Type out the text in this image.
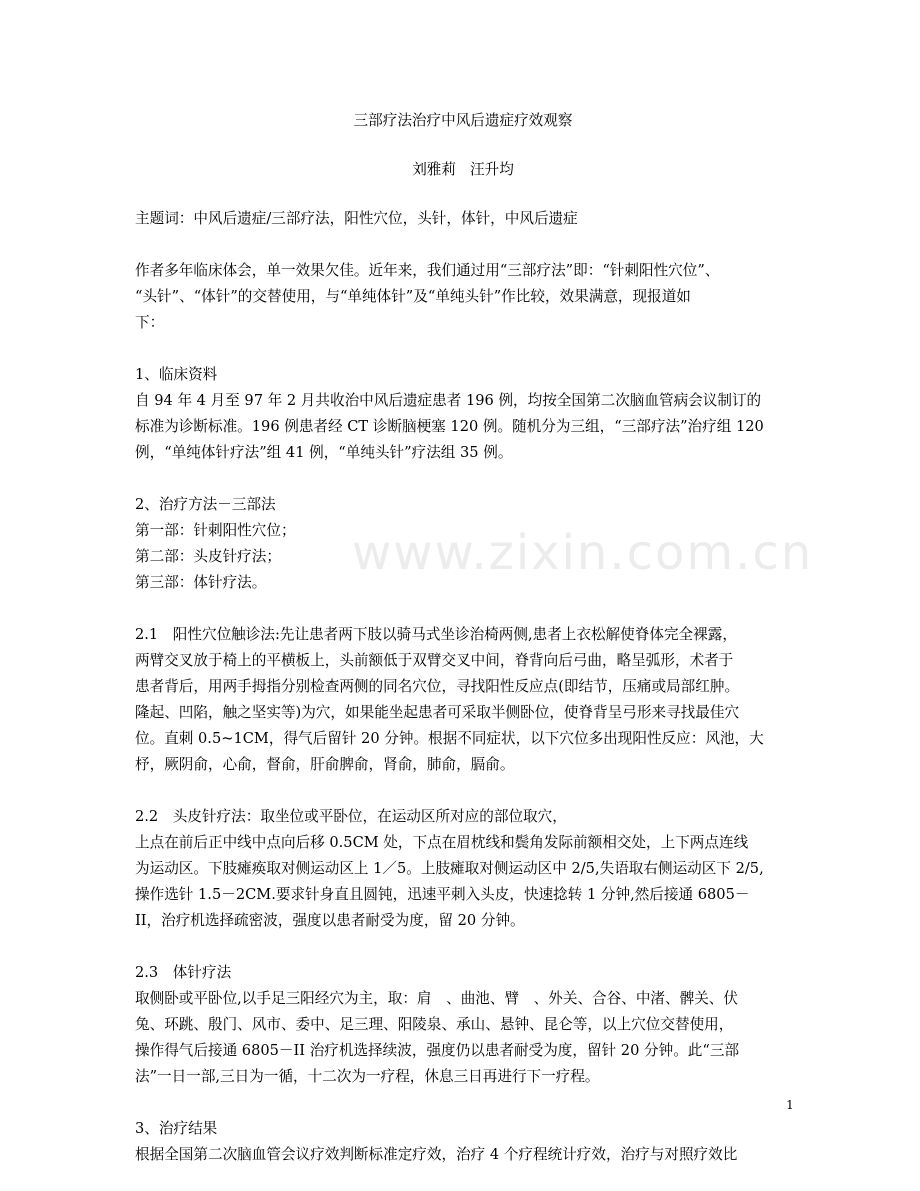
www.zixin.com.cn
三部疗法治疗中风后遗症疗效观察
刘雅莉 汪升均
主题词：中风后遗症/三部疗法，阳性穴位，头针，体针，中风后遗症

作者多年临床体会，单一效果欠佳。近年来，我们通过用“三部疗法”即：“针刺阳性穴位”、
“头针”、“体针”的交替使用，与“单纯体针”及“单纯头针”作比较，效果满意，现报道如
下：

1、临床资料
自 94 年 4 月至 97 年 2 月共收治中风后遗症患者 196 例，均按全国第二次脑血管病会议制订的
标准为诊断标准。196 例患者经 CT 诊断脑梗塞 120 例。随机分为三组，“三部疗法”治疗组 120
例，“单纯体针疗法”组 41 例，“单纯头针”疗法组 35 例。
2、治疗方法－三部法
第一部：针刺阳性穴位；
第二部：头皮针疗法；
第三部：体针疗法。
2.1　阳性穴位触诊法:先让患者两下肢以骑马式坐诊治椅两侧,患者上衣松解使脊体完全裸露，
两臂交叉放于椅上的平横板上，头前额低于双臂交叉中间，脊背向后弓曲，略呈弧形，术者于
患者背后，用两手拇指分别检查两侧的同名穴位，寻找阳性反应点(即结节，压痛或局部红肿。
隆起、凹陷，触之坚实等)为穴，如果能坐起患者可采取半侧卧位，使脊背呈弓形来寻找最佳穴
位。直刺 0.5~1CM，得气后留针 20 分钟。根据不同症状，以下穴位多出现阳性反应：风池，大
杼，厥阴俞，心俞，督俞，肝俞脾俞，肾俞，肺俞，膈俞。
2.2　头皮针疗法：取坐位或平卧位，在运动区所对应的部位取穴，
上点在前后正中线中点向后移 0.5CM 处，下点在眉枕线和鬓角发际前额相交处，上下两点连线
为运动区。下肢瘫痪取对侧运动区上 1／5。上肢瘫取对侧运动区中 2/5,失语取右侧运动区下 2/5,
操作选针 1.5－2CM.要求针身直且圆钝，迅速平刺入头皮，快速捻转 1 分钟,然后接通 6805－
II，治疗机选择疏密波，强度以患者耐受为度，留 20 分钟。
2.3　体针疗法
取侧卧或平卧位,以手足三阳经穴为主，取：肩　、曲池、臂　、外关、合谷、中渚、髀关、伏
兔、环跳、殷门、风市、委中、足三理、阳陵泉、承山、悬钟、昆仑等，以上穴位交替使用，
操作得气后接通 6805－II 治疗机选择续波，强度仍以患者耐受为度，留针 20 分钟。此“三部
法”一日一部,三日为一循，十二次为一疗程，休息三日再进行下一疗程。
3、治疗结果
根据全国第二次脑血管会议疗效判断标准定疗效，治疗 4 个疗程统计疗效，治疗与对照疗效比
1
